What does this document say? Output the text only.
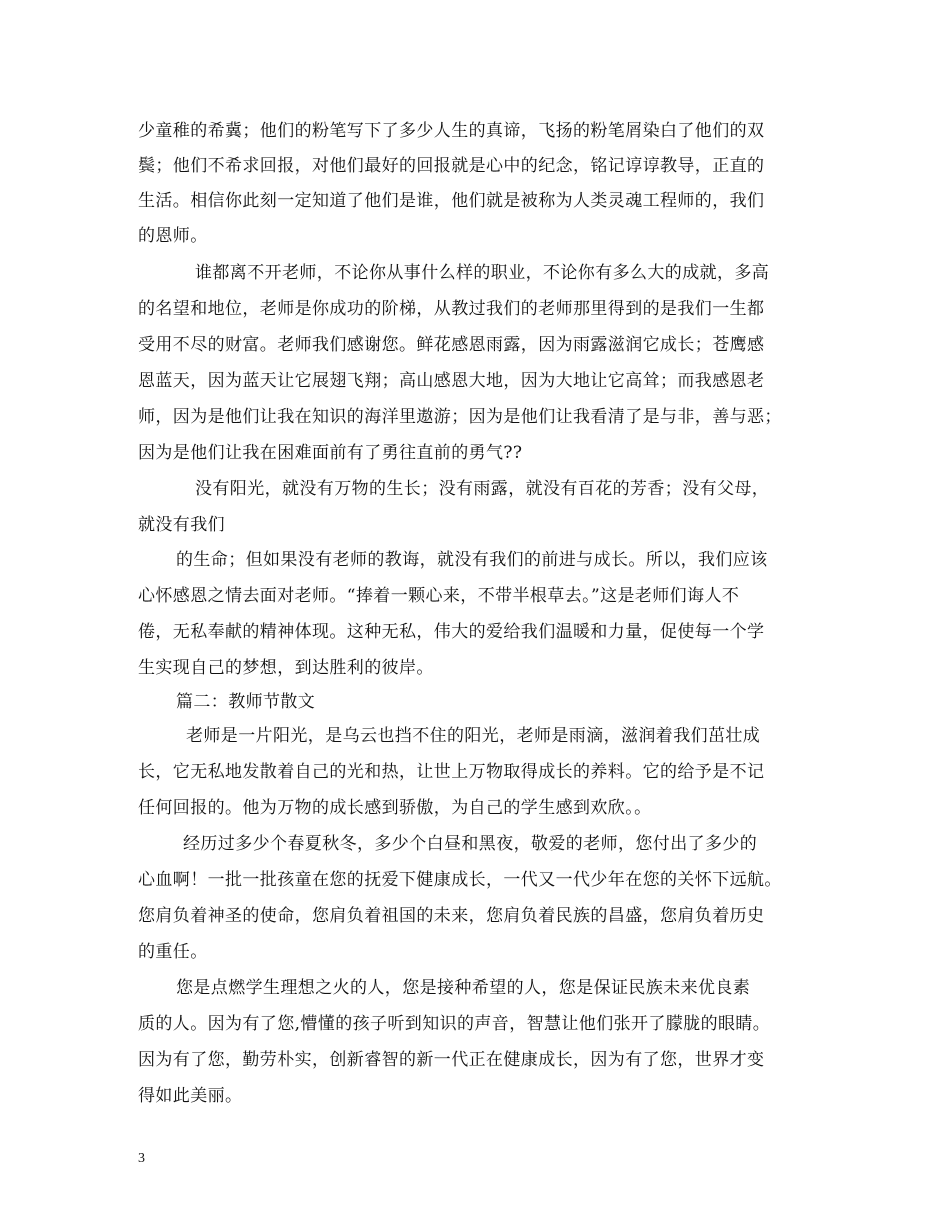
少童稚的希冀；他们的粉笔写下了多少人生的真谛，飞扬的粉笔屑染白了他们的双
鬓；他们不希求回报，对他们最好的回报就是心中的纪念，铭记谆谆教导，正直的
生活。相信你此刻一定知道了他们是谁，他们就是被称为人类灵魂工程师的，我们
的恩师。
谁都离不开老师，不论你从事什么样的职业，不论你有多么大的成就，多高
的名望和地位，老师是你成功的阶梯，从教过我们的老师那里得到的是我们一生都
受用不尽的财富。老师我们感谢您。鲜花感恩雨露，因为雨露滋润它成长；苍鹰感
恩蓝天，因为蓝天让它展翅飞翔；高山感恩大地，因为大地让它高耸；而我感恩老
师，因为是他们让我在知识的海洋里遨游；因为是他们让我看清了是与非，善与恶；
因为是他们让我在困难面前有了勇往直前的勇气??
没有阳光，就没有万物的生长；没有雨露，就没有百花的芳香；没有父母，
就没有我们
的生命；但如果没有老师的教诲，就没有我们的前进与成长。所以，我们应该
心怀感恩之情去面对老师。“捧着一颗心来，不带半根草去。”这是老师们诲人不
倦，无私奉献的精神体现。这种无私，伟大的爱给我们温暖和力量，促使每一个学
生实现自己的梦想，到达胜利的彼岸。
篇二：教师节散文
老师是一片阳光，是乌云也挡不住的阳光，老师是雨滴，滋润着我们茁壮成
长，它无私地发散着自己的光和热，让世上万物取得成长的养料。它的给予是不记
任何回报的。他为万物的成长感到骄傲，为自己的学生感到欢欣。。
经历过多少个春夏秋冬，多少个白昼和黑夜，敬爱的老师，您付出了多少的
心血啊！一批一批孩童在您的抚爱下健康成长，一代又一代少年在您的关怀下远航。
您肩负着神圣的使命，您肩负着祖国的未来，您肩负着民族的昌盛，您肩负着历史
的重任。
您是点燃学生理想之火的人，您是接种希望的人，您是保证民族未来优良素
质的人。因为有了您,懵懂的孩子听到知识的声音，智慧让他们张开了朦胧的眼睛。
因为有了您，勤劳朴实，创新睿智的新一代正在健康成长，因为有了您，世界才变
得如此美丽。
3
